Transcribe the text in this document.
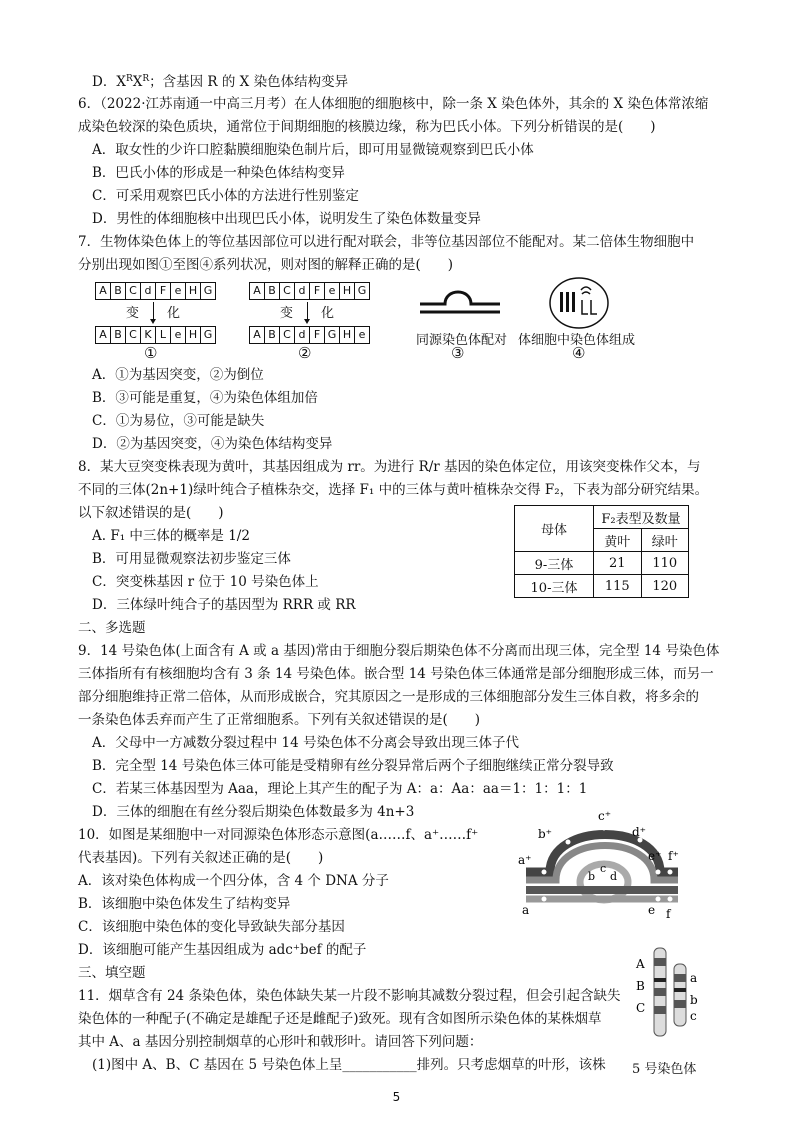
D．$X^RX^R$；含基因 R 的 X 染色体结构变异
6．（2022·江苏南通一中高三月考）在人体细胞的细胞核中，除一条 X 染色体外，其余的 X 染色体常浓缩
成染色较深的染色质块，通常位于间期细胞的核膜边缘，称为巴氏小体。下列分析错误的是(　　)
A．取女性的少许口腔黏膜细胞染色制片后，即可用显微镜观察到巴氏小体
B．巴氏小体的形成是一种染色体结构变异
C．可采用观察巴氏小体的方法进行性别鉴定
D．男性的体细胞核中出现巴氏小体，说明发生了染色体数量变异
7．生物体染色体上的等位基因部位可以进行配对联会，非等位基因部位不能配对。某二倍体生物细胞中
分别出现如图①至图④系列状况，则对图的解释正确的是(　　)
A B C d F e H G
变 化
A B C K L e H G
①
A B C d F e H G
变 化
A B C d F G H e
②
同源染色体配对
③
体细胞中染色体组成
④
A．①为基因突变，②为倒位
B．③可能是重复，④为染色体组加倍
C．①为易位，③可能是缺失
D．②为基因突变，④为染色体结构变异
8．某大豆突变株表现为黄叶，其基因组成为 rr。为进行 R/r 基因的染色体定位，用该突变株作父本，与
不同的三体(2n+1)绿叶纯合子植株杂交，选择 F₁ 中的三体与黄叶植株杂交得 F₂，下表为部分研究结果。
以下叙述错误的是(　　)
A. F₁ 中三体的概率是 1/2
B．可用显微观察法初步鉴定三体
C．突变株基因 r 位于 10 号染色体上
D．三体绿叶纯合子的基因型为 RRR 或 RR
母体	F₂表型及数量	
	黄叶	绿叶
9-三体	21	110
10-三体	115	120
二、多选题
9．14 号染色体(上面含有 A 或 a 基因)常由于细胞分裂后期染色体不分离而出现三体，完全型 14 号染色体
三体指所有有核细胞均含有 3 条 14 号染色体。嵌合型 14 号染色体三体通常是部分细胞形成三体，而另一
部分细胞维持正常二倍体，从而形成嵌合，究其原因之一是形成的三体细胞部分发生三体自救，将多余的
一条染色体丢弃而产生了正常细胞系。下列有关叙述错误的是(　　)
A．父母中一方减数分裂过程中 14 号染色体不分离会导致出现三体子代
B．完全型 14 号染色体三体可能是受精卵有丝分裂异常后两个子细胞继续正常分裂导致
C．若某三体基因型为 Aaa，理论上其产生的配子为 A：a：Aa：aa＝1：1：1：1
D．三体的细胞在有丝分裂后期染色体数最多为 4n+3
10．如图是某细胞中一对同源染色体形态示意图(a……f、a⁺……f⁺
代表基因)。下列有关叙述正确的是(　　)
A．该对染色体构成一个四分体，含 4 个 DNA 分子
B．该细胞中染色体发生了结构变异
C．该细胞中染色体的变化导致缺失部分基因
D．该细胞可能产生基因组成为 adc⁺bef 的配子
a⁺
b⁺
c⁺
d⁺
e⁺ f⁺
a
b
c
d
e f
三、填空题
11．烟草含有 24 条染色体，染色体缺失某一片段不影响其减数分裂过程，但会引起含缺失
染色体的一种配子(不确定是雄配子还是雌配子)致死。现有含如图所示染色体的某株烟草
其中 A、a 基因分别控制烟草的心形叶和戟形叶。请回答下列问题：
(1)图中 A、B、C 基因在 5 号染色体上呈___________排列。只考虑烟草的叶形，该株
A
B
C
a
b
c
5 号染色体
5
